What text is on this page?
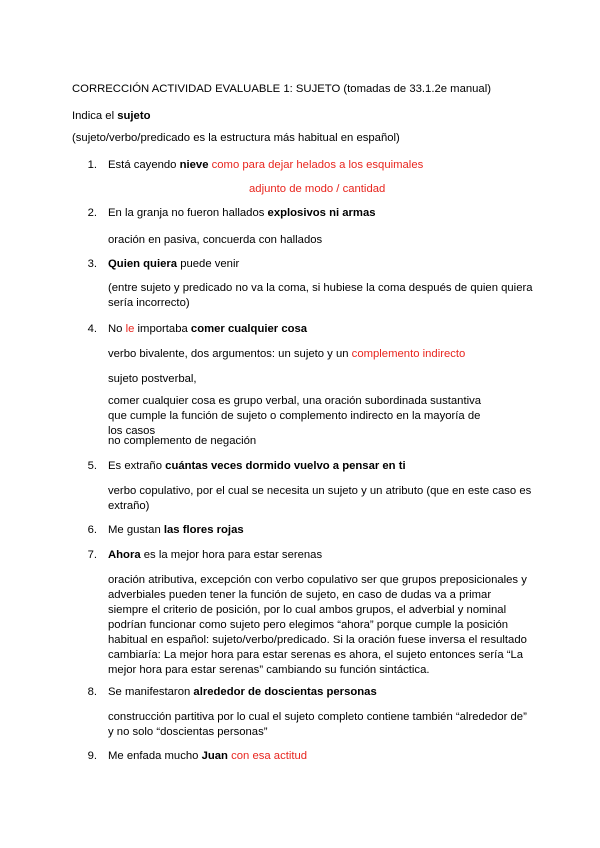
CORRECCIÓN ACTIVIDAD EVALUABLE 1: SUJETO (tomadas de 33.1.2e manual)
Indica el sujeto
(sujeto/verbo/predicado es la estructura más habitual en español)
1. Está cayendo nieve como para dejar helados a los esquimales
adjunto de modo / cantidad
2. En la granja no fueron hallados explosivos ni armas
oración en pasiva, concuerda con hallados
3. Quien quiera puede venir
(entre sujeto y predicado no va la coma, si hubiese la coma después de quien quiera sería incorrecto)
4. No le importaba comer cualquier cosa
verbo bivalente, dos argumentos: un sujeto y un complemento indirecto
sujeto postverbal,
comer cualquier cosa es grupo verbal, una oración subordinada sustantiva que cumple la función de sujeto o complemento indirecto en la mayoría de los casos
no complemento de negación
5. Es extraño cuántas veces dormido vuelvo a pensar en ti
verbo copulativo, por el cual se necesita un sujeto y un atributo (que en este caso es extraño)
6. Me gustan las flores rojas
7. Ahora es la mejor hora para estar serenas
oración atributiva, excepción con verbo copulativo ser que grupos preposicionales y adverbiales pueden tener la función de sujeto, en caso de dudas va a primar siempre el criterio de posición, por lo cual ambos grupos, el adverbial y nominal podrían funcionar como sujeto pero elegimos “ahora” porque cumple la posición habitual en español: sujeto/verbo/predicado. Si la oración fuese inversa el resultado cambiaría: La mejor hora para estar serenas es ahora, el sujeto entonces sería “La mejor hora para estar serenas” cambiando su función sintáctica.
8. Se manifestaron alrededor de doscientas personas
construcción partitiva por lo cual el sujeto completo contiene también “alrededor de” y no solo “doscientas personas”
9. Me enfada mucho Juan con esa actitud
